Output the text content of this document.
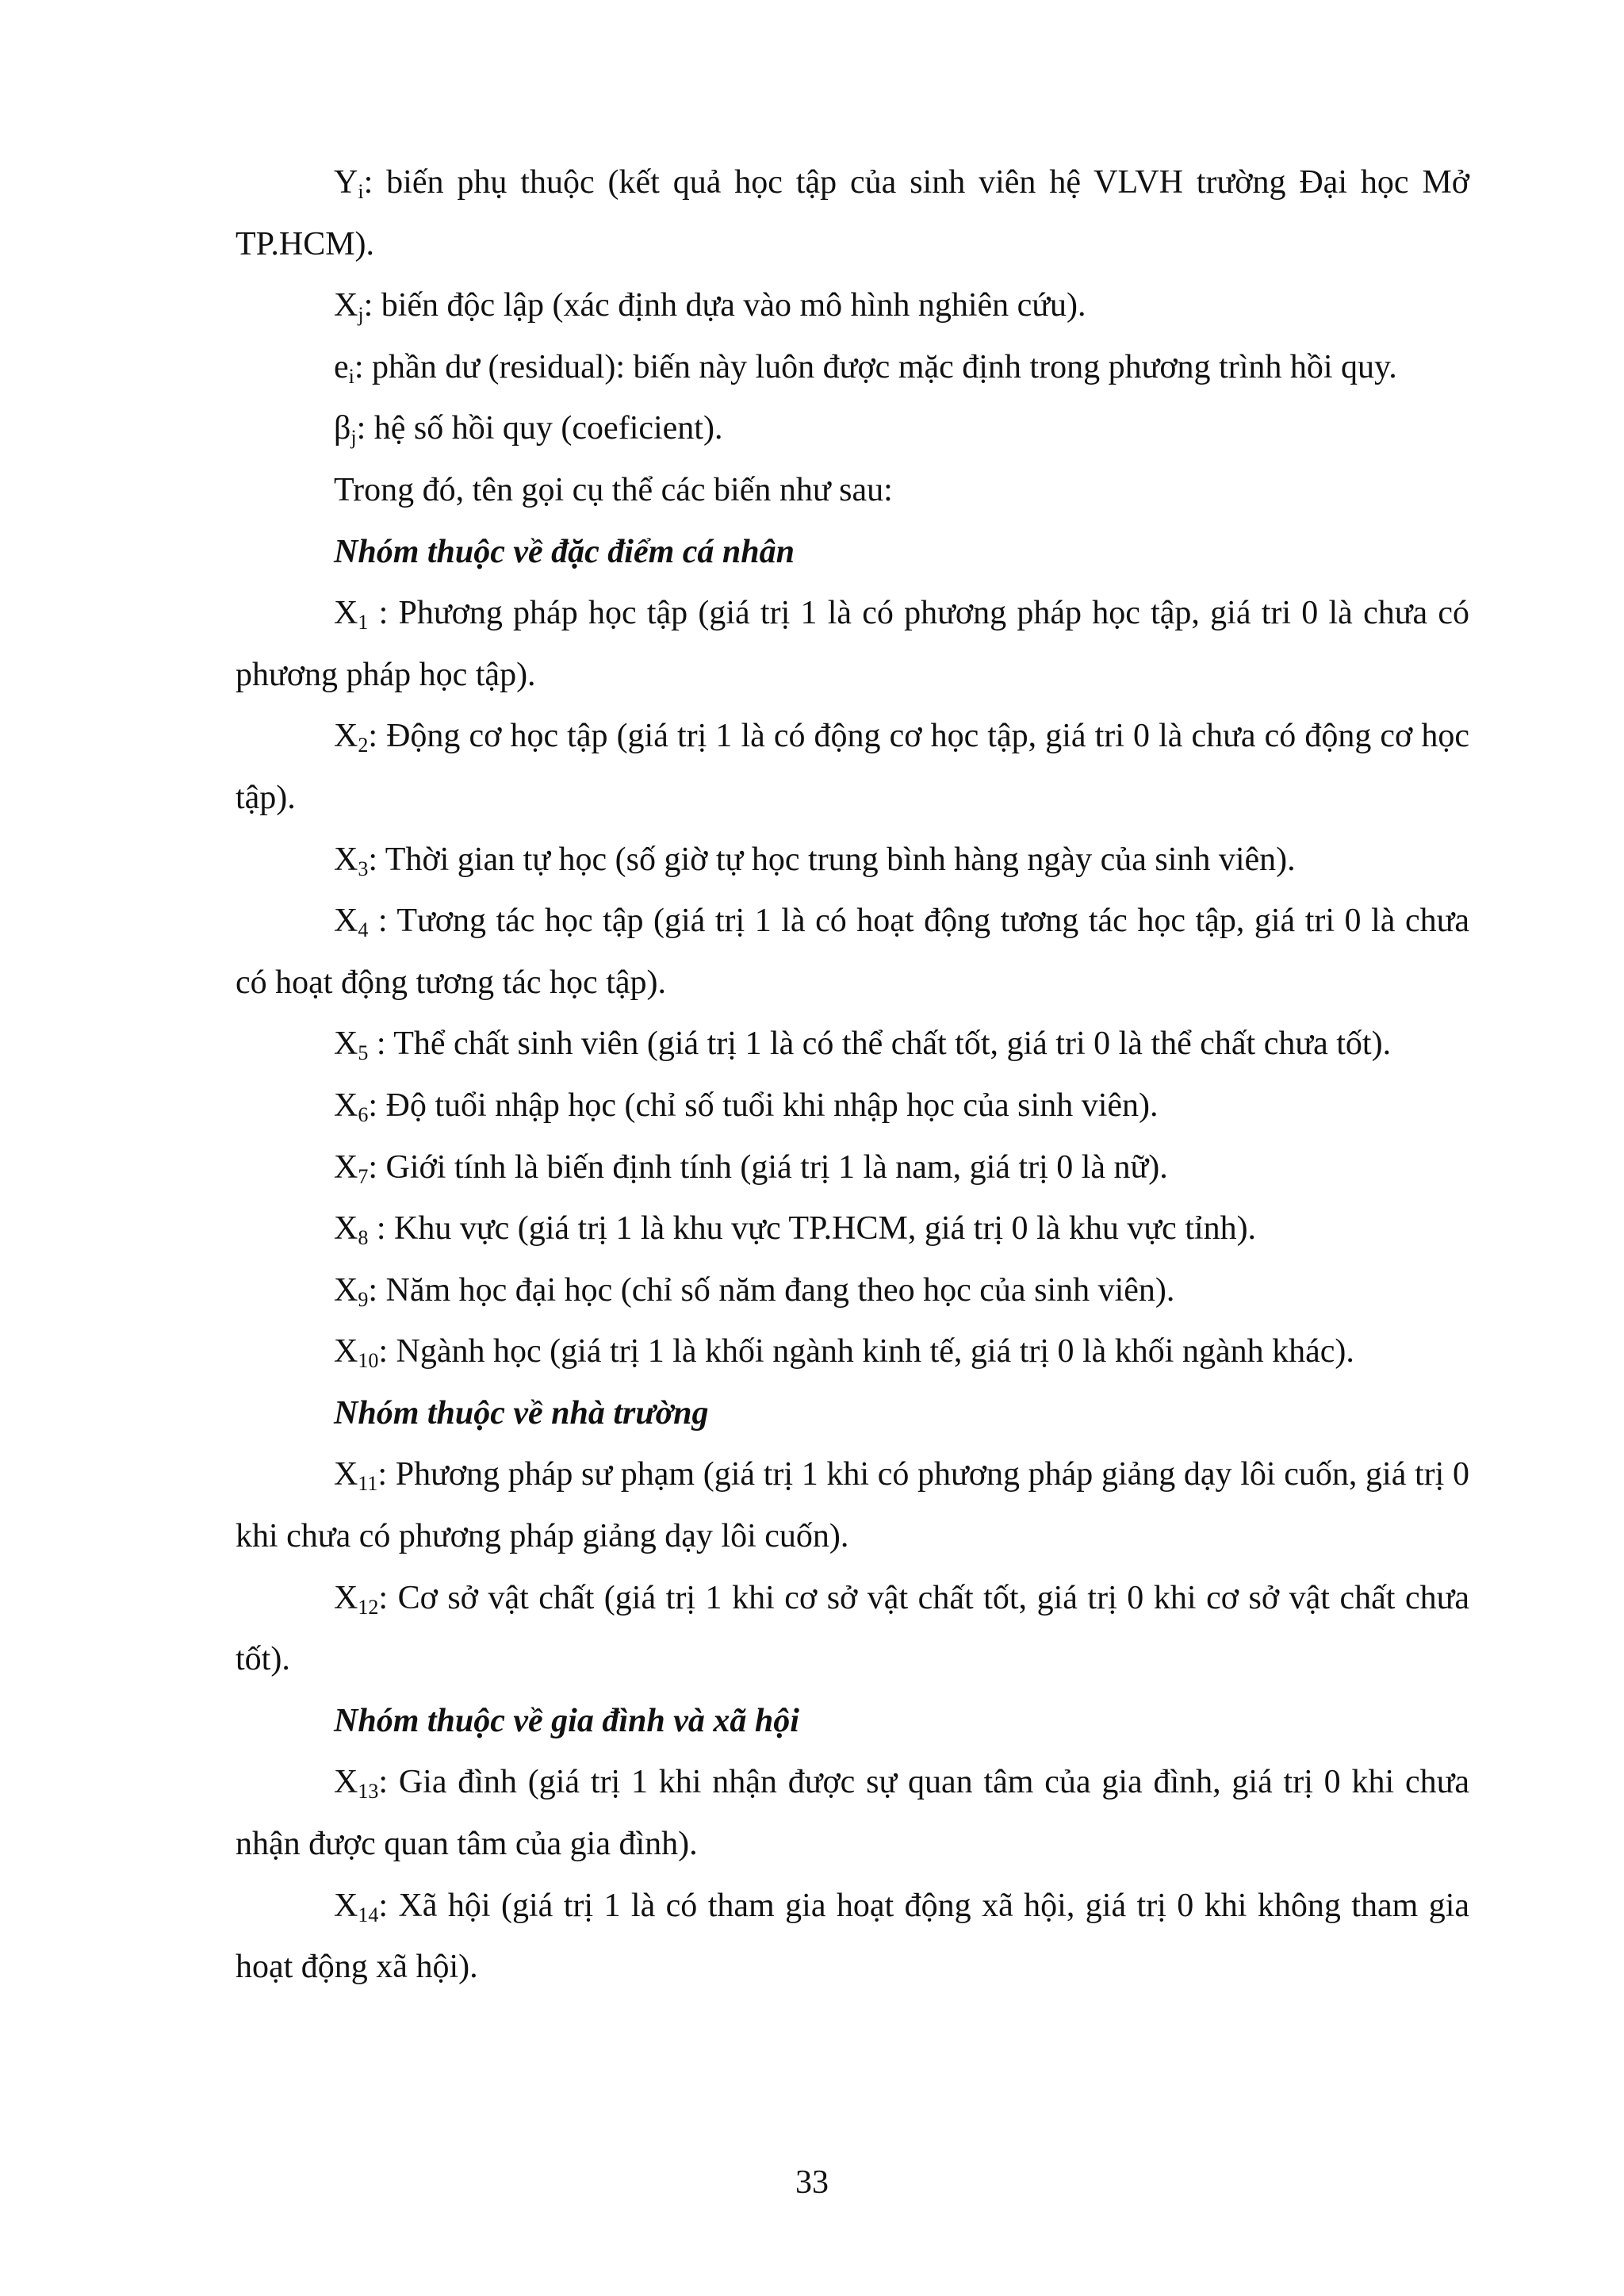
$Y_i$: biến phụ thuộc (kết quả học tập của sinh viên hệ VLVH trường Đại học Mở TP.HCM).

$X_j$: biến độc lập (xác định dựa vào mô hình nghiên cứu).

$e_i$: phần dư (residual): biến này luôn được mặc định trong phương trình hồi quy.

$\beta_j$: hệ số hồi quy (coeficient).

Trong đó, tên gọi cụ thể các biến như sau:

Nhóm thuộc về đặc điểm cá nhân

$X_1$ : Phương pháp học tập (giá trị 1 là có phương pháp học tập, giá tri 0 là chưa có phương pháp học tập).

$X_2$: Động cơ học tập (giá trị 1 là có động cơ học tập, giá tri 0 là chưa có động cơ học tập).

$X_3$: Thời gian tự học (số giờ tự học trung bình hàng ngày của sinh viên).

$X_4$ : Tương tác học tập (giá trị 1 là có hoạt động tương tác học tập, giá tri 0 là chưa có hoạt động tương tác học tập).

$X_5$ : Thể chất sinh viên (giá trị 1 là có thể chất tốt, giá tri 0 là thể chất chưa tốt).

$X_6$: Độ tuổi nhập học (chỉ số tuổi khi nhập học của sinh viên).

$X_7$: Giới tính là biến định tính (giá trị 1 là nam, giá trị 0 là nữ).

$X_8$ : Khu vực (giá trị 1 là khu vực TP.HCM, giá trị 0 là khu vực tỉnh).

$X_9$: Năm học đại học (chỉ số năm đang theo học của sinh viên).

$X_{10}$: Ngành học (giá trị 1 là khối ngành kinh tế, giá trị 0 là khối ngành khác).

Nhóm thuộc về nhà trường

$X_{11}$: Phương pháp sư phạm (giá trị 1 khi có phương pháp giảng dạy lôi cuốn, giá trị 0 khi chưa có phương pháp giảng dạy lôi cuốn).

$X_{12}$: Cơ sở vật chất (giá trị 1 khi cơ sở vật chất tốt, giá trị 0 khi cơ sở vật chất chưa tốt).

Nhóm thuộc về gia đình và xã hội

$X_{13}$: Gia đình (giá trị 1 khi nhận được sự quan tâm của gia đình, giá trị 0 khi chưa nhận được quan tâm của gia đình).

$X_{14}$: Xã hội (giá trị 1 là có tham gia hoạt động xã hội, giá trị 0 khi không tham gia hoạt động xã hội).

33
